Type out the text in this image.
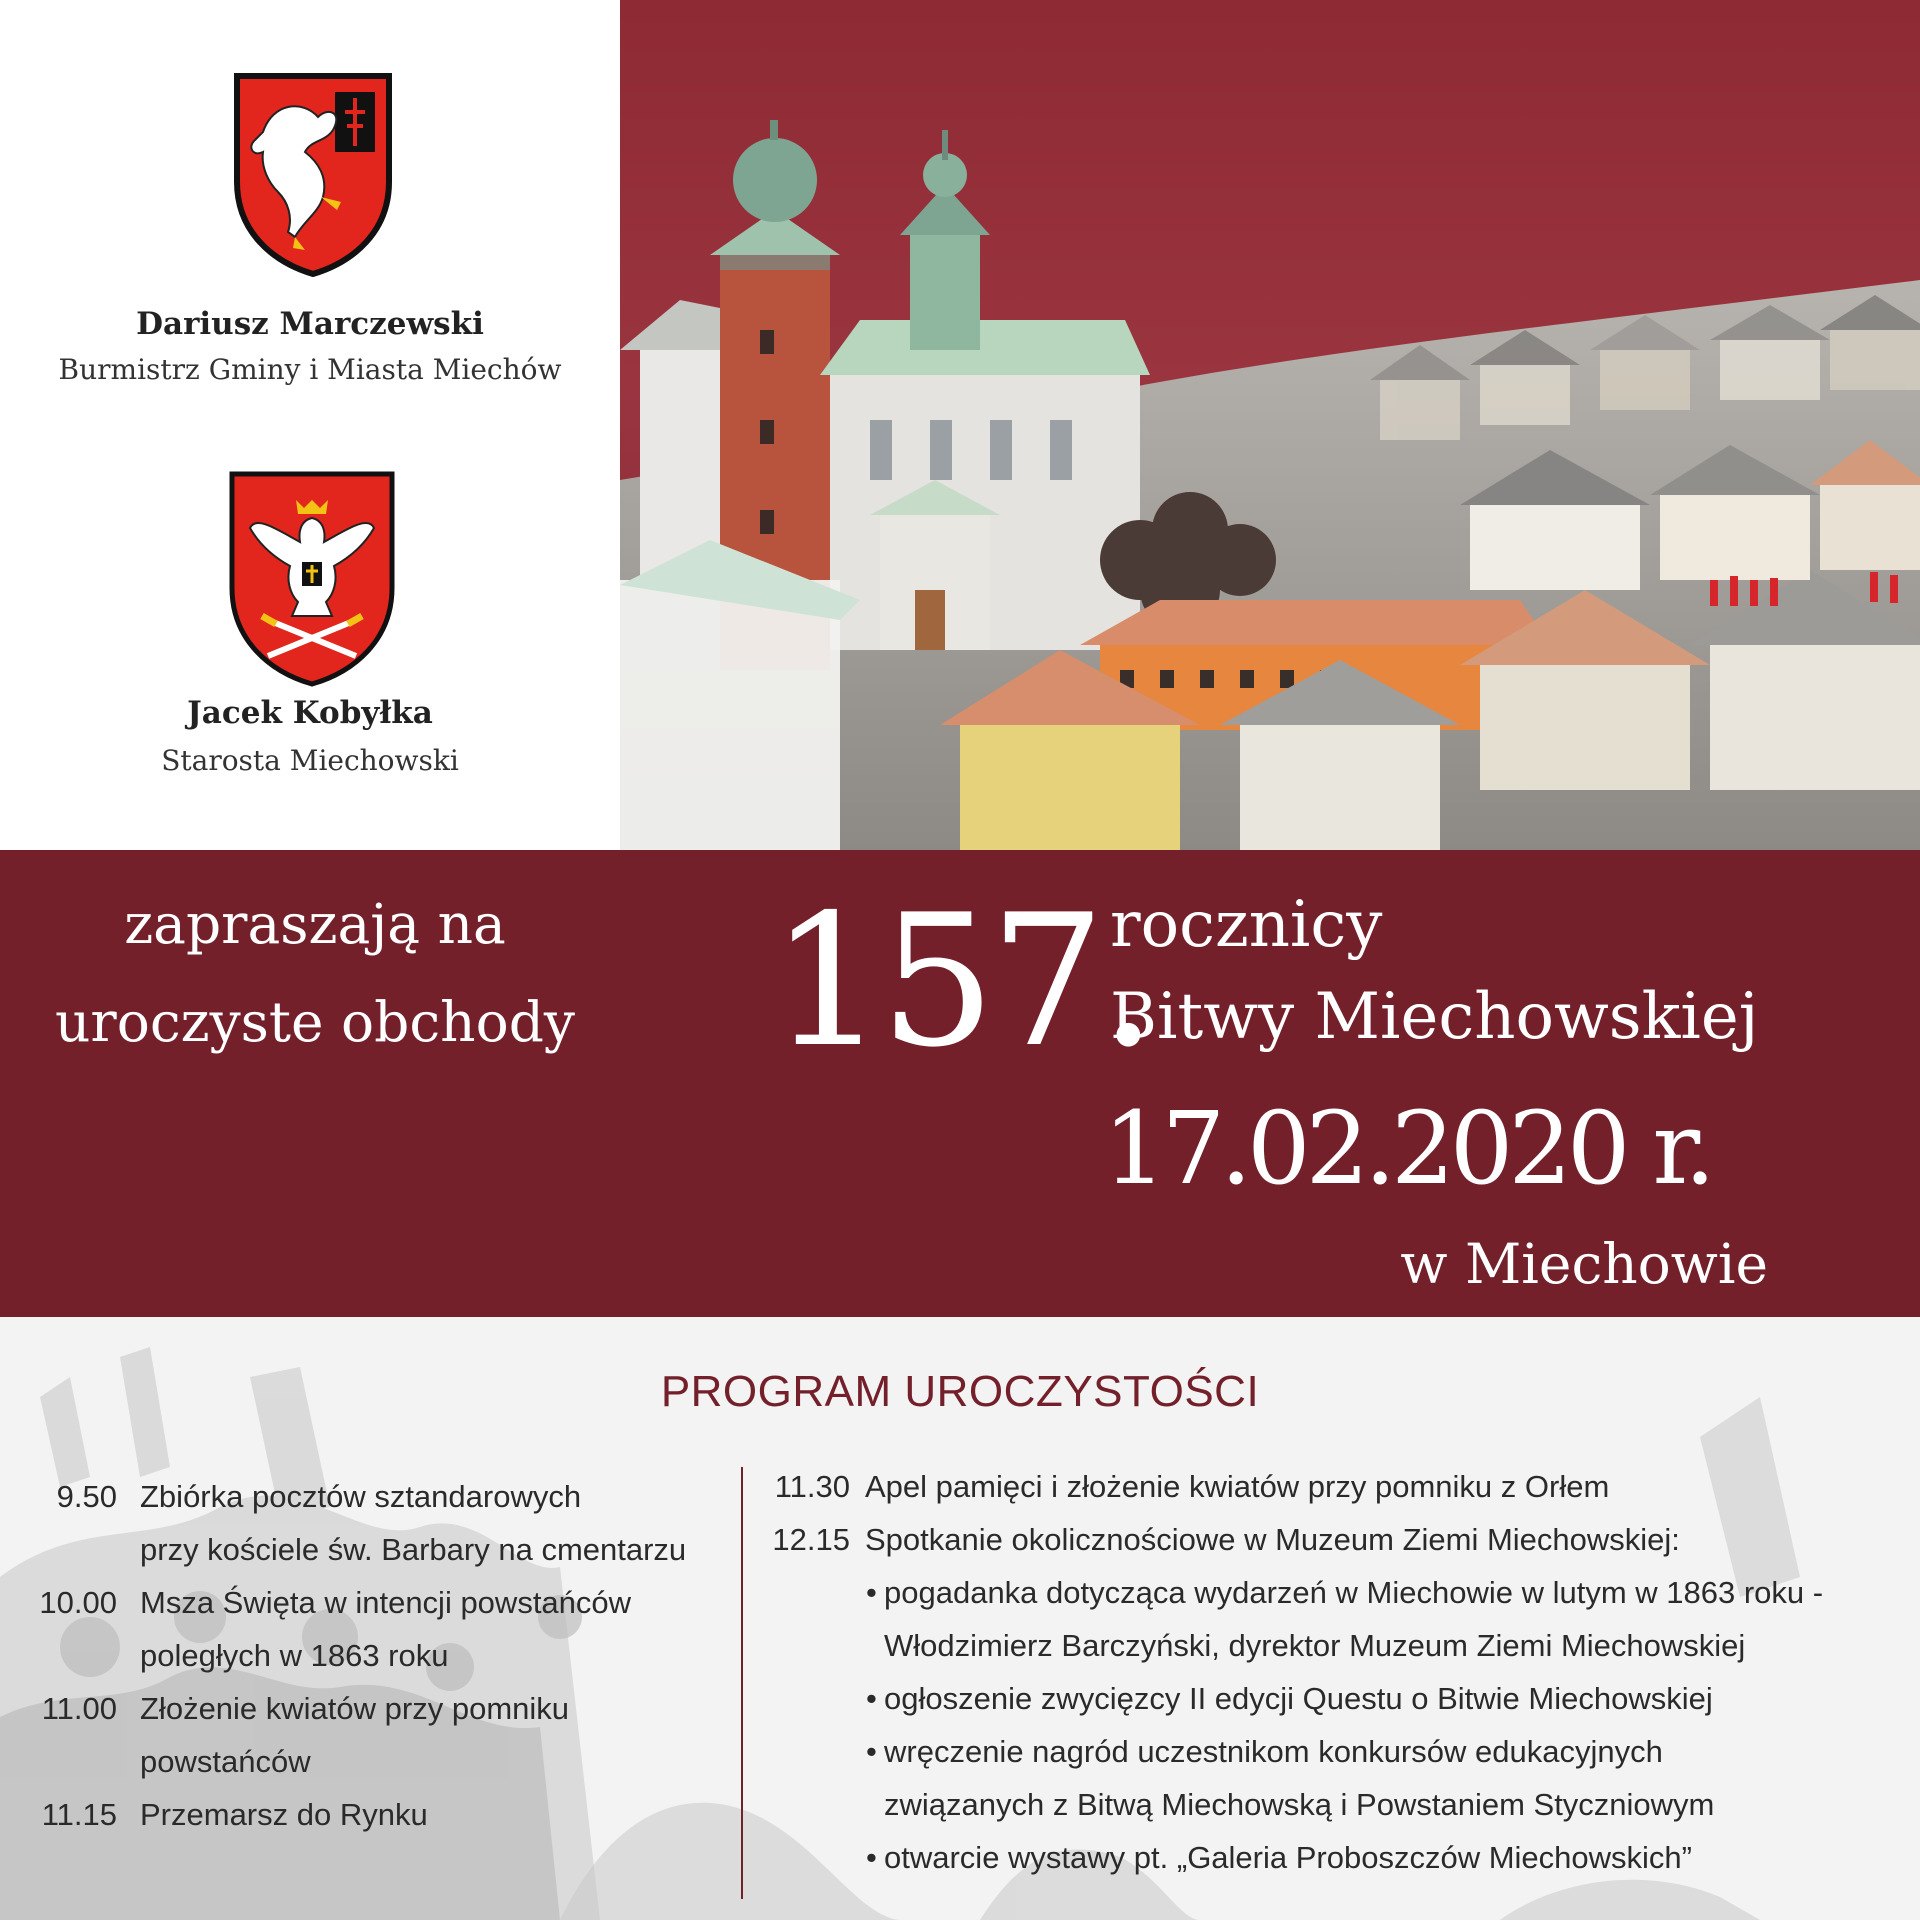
Dariusz Marczewski
Burmistrz Gminy i Miasta Miechów
Jacek Kobyłka
Starosta Miechowski
zapraszają na
uroczyste obchody	157.
rocznicy
Bitwy Miechowskiej
17.02.2020 r.
w Miechowie
PROGRAM UROCZYSTOŚCI
9.50 Zbiórka pocztów sztandarowych
przy kościele św. Barbary na cmentarzu
10.00 Msza Święta w intencji powstańców
poległych w 1863 roku
11.00 Złożenie kwiatów przy pomniku
powstańców
11.15 Przemarsz do Rynku
11.30 Apel pamięci i złożenie kwiatów przy pomniku z Orłem
12.15 Spotkanie okolicznościowe w Muzeum Ziemi Miechowskiej:
• pogadanka dotycząca wydarzeń w Miechowie w lutym w 1863 roku -
Włodzimierz Barczyński, dyrektor Muzeum Ziemi Miechowskiej
• ogłoszenie zwycięzcy II edycji Questu o Bitwie Miechowskiej
• wręczenie nagród uczestnikom konkursów edukacyjnych
związanych z Bitwą Miechowską i Powstaniem Styczniowym
• otwarcie wystawy pt. „Galeria Proboszczów Miechowskich”
